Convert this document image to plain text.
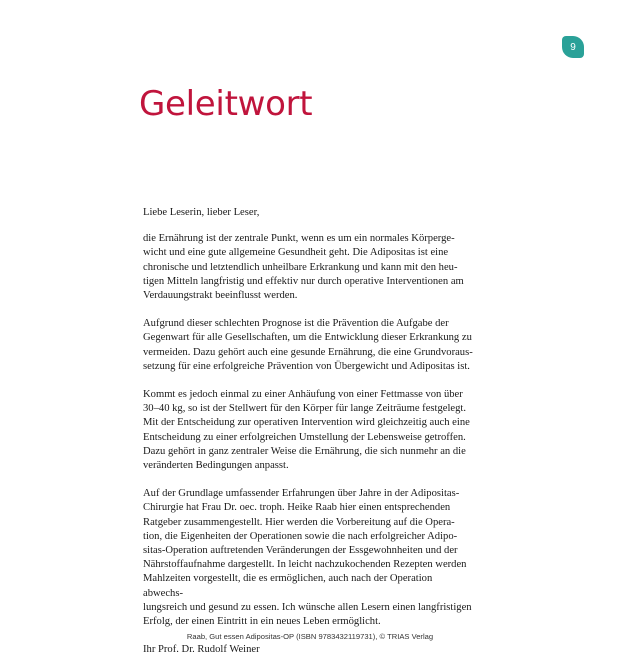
9
Geleitwort

Liebe Leserin, lieber Leser,

die Ernährung ist der zentrale Punkt, wenn es um ein normales Körperge-
wicht und eine gute allgemeine Gesundheit geht. Die Adipositas ist eine
chronische und letztendlich unheilbare Erkrankung und kann mit den heu-
tigen Mitteln langfristig und effektiv nur durch operative Interventionen am
Verdauungstrakt beeinflusst werden.

Aufgrund dieser schlechten Prognose ist die Prävention die Aufgabe der
Gegenwart für alle Gesellschaften, um die Entwicklung dieser Erkrankung zu
vermeiden. Dazu gehört auch eine gesunde Ernährung, die eine Grundvoraus-
setzung für eine erfolgreiche Prävention von Übergewicht und Adipositas ist.

Kommt es jedoch einmal zu einer Anhäufung von einer Fettmasse von über
30–40 kg, so ist der Stellwert für den Körper für lange Zeiträume festgelegt.
Mit der Entscheidung zur operativen Intervention wird gleichzeitig auch eine
Entscheidung zu einer erfolgreichen Umstellung der Lebensweise getroffen.
Dazu gehört in ganz zentraler Weise die Ernährung, die sich nunmehr an die
veränderten Bedingungen anpasst.

Auf der Grundlage umfassender Erfahrungen über Jahre in der Adipositas-
Chirurgie hat Frau Dr. oec. troph. Heike Raab hier einen entsprechenden
Ratgeber zusammengestellt. Hier werden die Vorbereitung auf die Opera-
tion, die Eigenheiten der Operationen sowie die nach erfolgreicher Adipo-
sitas-Operation auftretenden Veränderungen der Essgewohnheiten und der
Nährstoffaufnahme dargestellt. In leicht nachzukochenden Rezepten werden
Mahlzeiten vorgestellt, die es ermöglichen, auch nach der Operation abwechs-
lungsreich und gesund zu essen. Ich wünsche allen Lesern einen langfristigen
Erfolg, der einen Eintritt in ein neues Leben ermöglicht.

Ihr Prof. Dr. Rudolf Weiner

Raab, Gut essen Adipositas-OP (ISBN 9783432119731), © TRIAS Verlag
